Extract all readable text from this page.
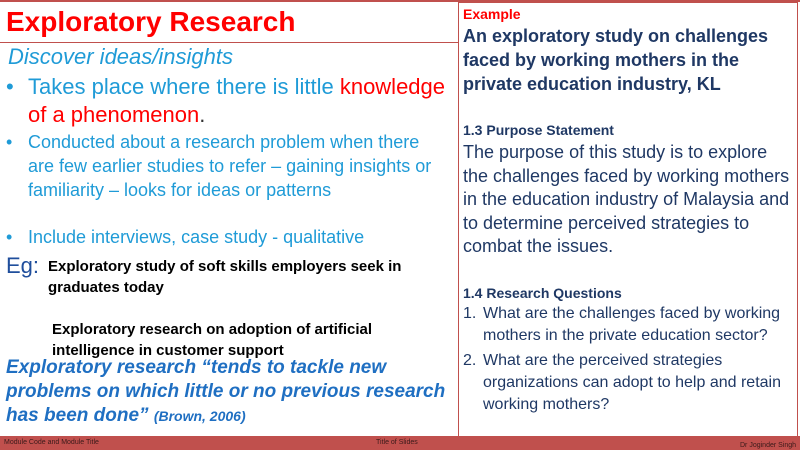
Exploratory Research
Discover ideas/insights
• Takes place where there is little knowledge of a phenomenon.
• Conducted about a research problem when there are few earlier studies to refer – gaining insights or familiarity – looks for ideas or patterns
• Include interviews, case study - qualitative
Eg: Exploratory study of soft skills employers seek in graduates today
Exploratory research on adoption of artificial intelligence in customer support
Exploratory research “tends to tackle new problems on which little or no previous research has been done” (Brown, 2006)
Example
An exploratory study on challenges faced by working mothers in the private education industry, KL
1.3 Purpose Statement
The purpose of this study is to explore the challenges faced by working mothers in the education industry of Malaysia and to determine perceived strategies to combat the issues.
1.4 Research Questions
1. What are the challenges faced by working mothers in the private education sector?
2. What are the perceived strategies organizations can adopt to help and retain working mothers?
Module Code and Module Title	Title of Slides	Dr Joginder Singh
